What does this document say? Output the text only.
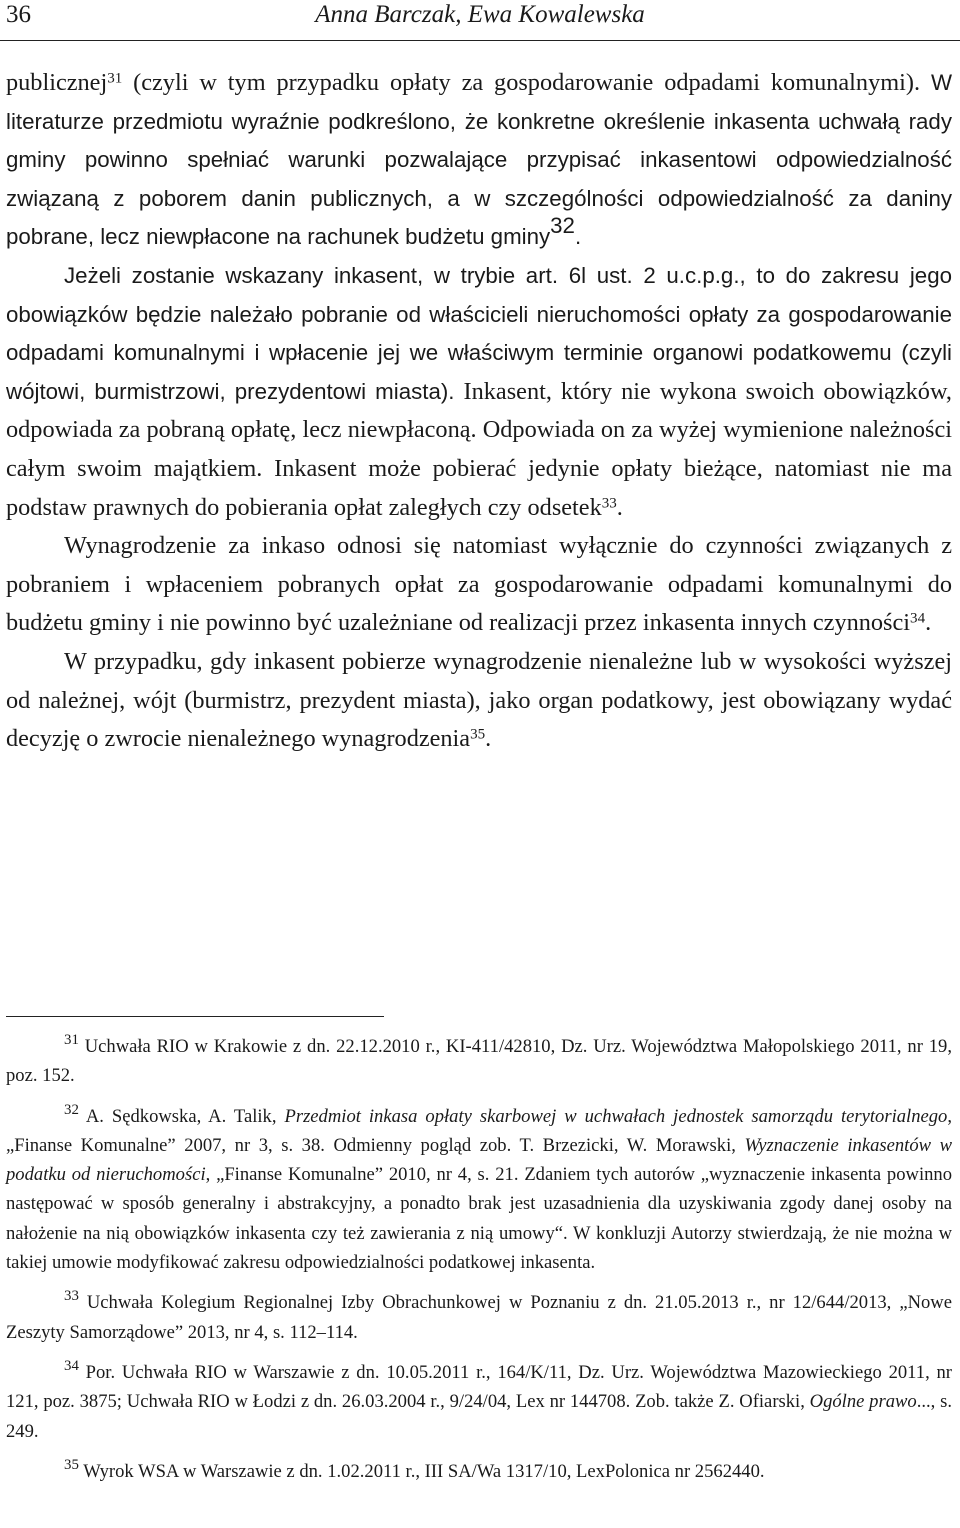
36	Anna Barczak, Ewa Kowalewska

publicznej$^{31}$ (czyli w tym przypadku opłaty za gospodarowanie odpadami komunalnymi). W literaturze przedmiotu wyraźnie podkreślono, że konkretne określenie inkasenta uchwałą rady gminy powinno spełniać warunki pozwalające przypisać inkasentowi odpowiedzialność związaną z poborem danin publicznych, a w szczególności odpowiedzialność za daniny pobrane, lecz niewpłacone na rachunek budżetu gminy$^{32}$.

Jeżeli zostanie wskazany inkasent, w trybie art. 6l ust. 2 u.c.p.g., to do zakresu jego obowiązków będzie należało pobranie od właścicieli nieruchomości opłaty za gospodarowanie odpadami komunalnymi i wpłacenie jej we właściwym terminie organowi podatkowemu (czyli wójtowi, burmistrzowi, prezydentowi miasta). Inkasent, który nie wykona swoich obowiązków, odpowiada za pobraną opłatę, lecz niewpłaconą. Odpowiada on za wyżej wymienione należności całym swoim majątkiem. Inkasent może pobierać jedynie opłaty bieżące, natomiast nie ma podstaw prawnych do pobierania opłat zaległych czy odsetek$^{33}$.

Wynagrodzenie za inkaso odnosi się natomiast wyłącznie do czynności związanych z pobraniem i wpłaceniem pobranych opłat za gospodarowanie odpadami komunalnymi do budżetu gminy i nie powinno być uzależniane od realizacji przez inkasenta innych czynności$^{34}$.

W przypadku, gdy inkasent pobierze wynagrodzenie nienależne lub w wysokości wyższej od należnej, wójt (burmistrz, prezydent miasta), jako organ podatkowy, jest obowiązany wydać decyzję o zwrocie nienależnego wynagrodzenia$^{35}$.

$^{31}$ Uchwała RIO w Krakowie z dn. 22.12.2010 r., KI-411/42810, Dz. Urz. Województwa Małopolskiego 2011, nr 19, poz. 152.

$^{32}$ A. Sędkowska, A. Talik, Przedmiot inkasa opłaty skarbowej w uchwałach jednostek samorządu terytorialnego, „Finanse Komunalne” 2007, nr 3, s. 38. Odmienny pogląd zob. T. Brzezicki, W. Morawski, Wyznaczenie inkasentów w podatku od nieruchomości, „Finanse Komunalne” 2010, nr 4, s. 21. Zdaniem tych autorów „wyznaczenie inkasenta powinno następować w sposób generalny i abstrakcyjny, a ponadto brak jest uzasadnienia dla uzyskiwania zgody danej osoby na nałożenie na nią obowiązków inkasenta czy też zawierania z nią umowy“. W konkluzji Autorzy stwierdzają, że nie można w takiej umowie modyfikować zakresu odpowiedzialności podatkowej inkasenta.

$^{33}$ Uchwała Kolegium Regionalnej Izby Obrachunkowej w Poznaniu z dn. 21.05.2013 r., nr 12/644/2013, „Nowe Zeszyty Samorządowe” 2013, nr 4, s. 112–114.

$^{34}$ Por. Uchwała RIO w Warszawie z dn. 10.05.2011 r., 164/K/11, Dz. Urz. Województwa Mazowieckiego 2011, nr 121, poz. 3875; Uchwała RIO w Łodzi z dn. 26.03.2004 r., 9/24/04, Lex nr 144708. Zob. także Z. Ofiarski, Ogólne prawo..., s. 249.

$^{35}$ Wyrok WSA w Warszawie z dn. 1.02.2011 r., III SA/Wa 1317/10, LexPolonica nr 2562440.
